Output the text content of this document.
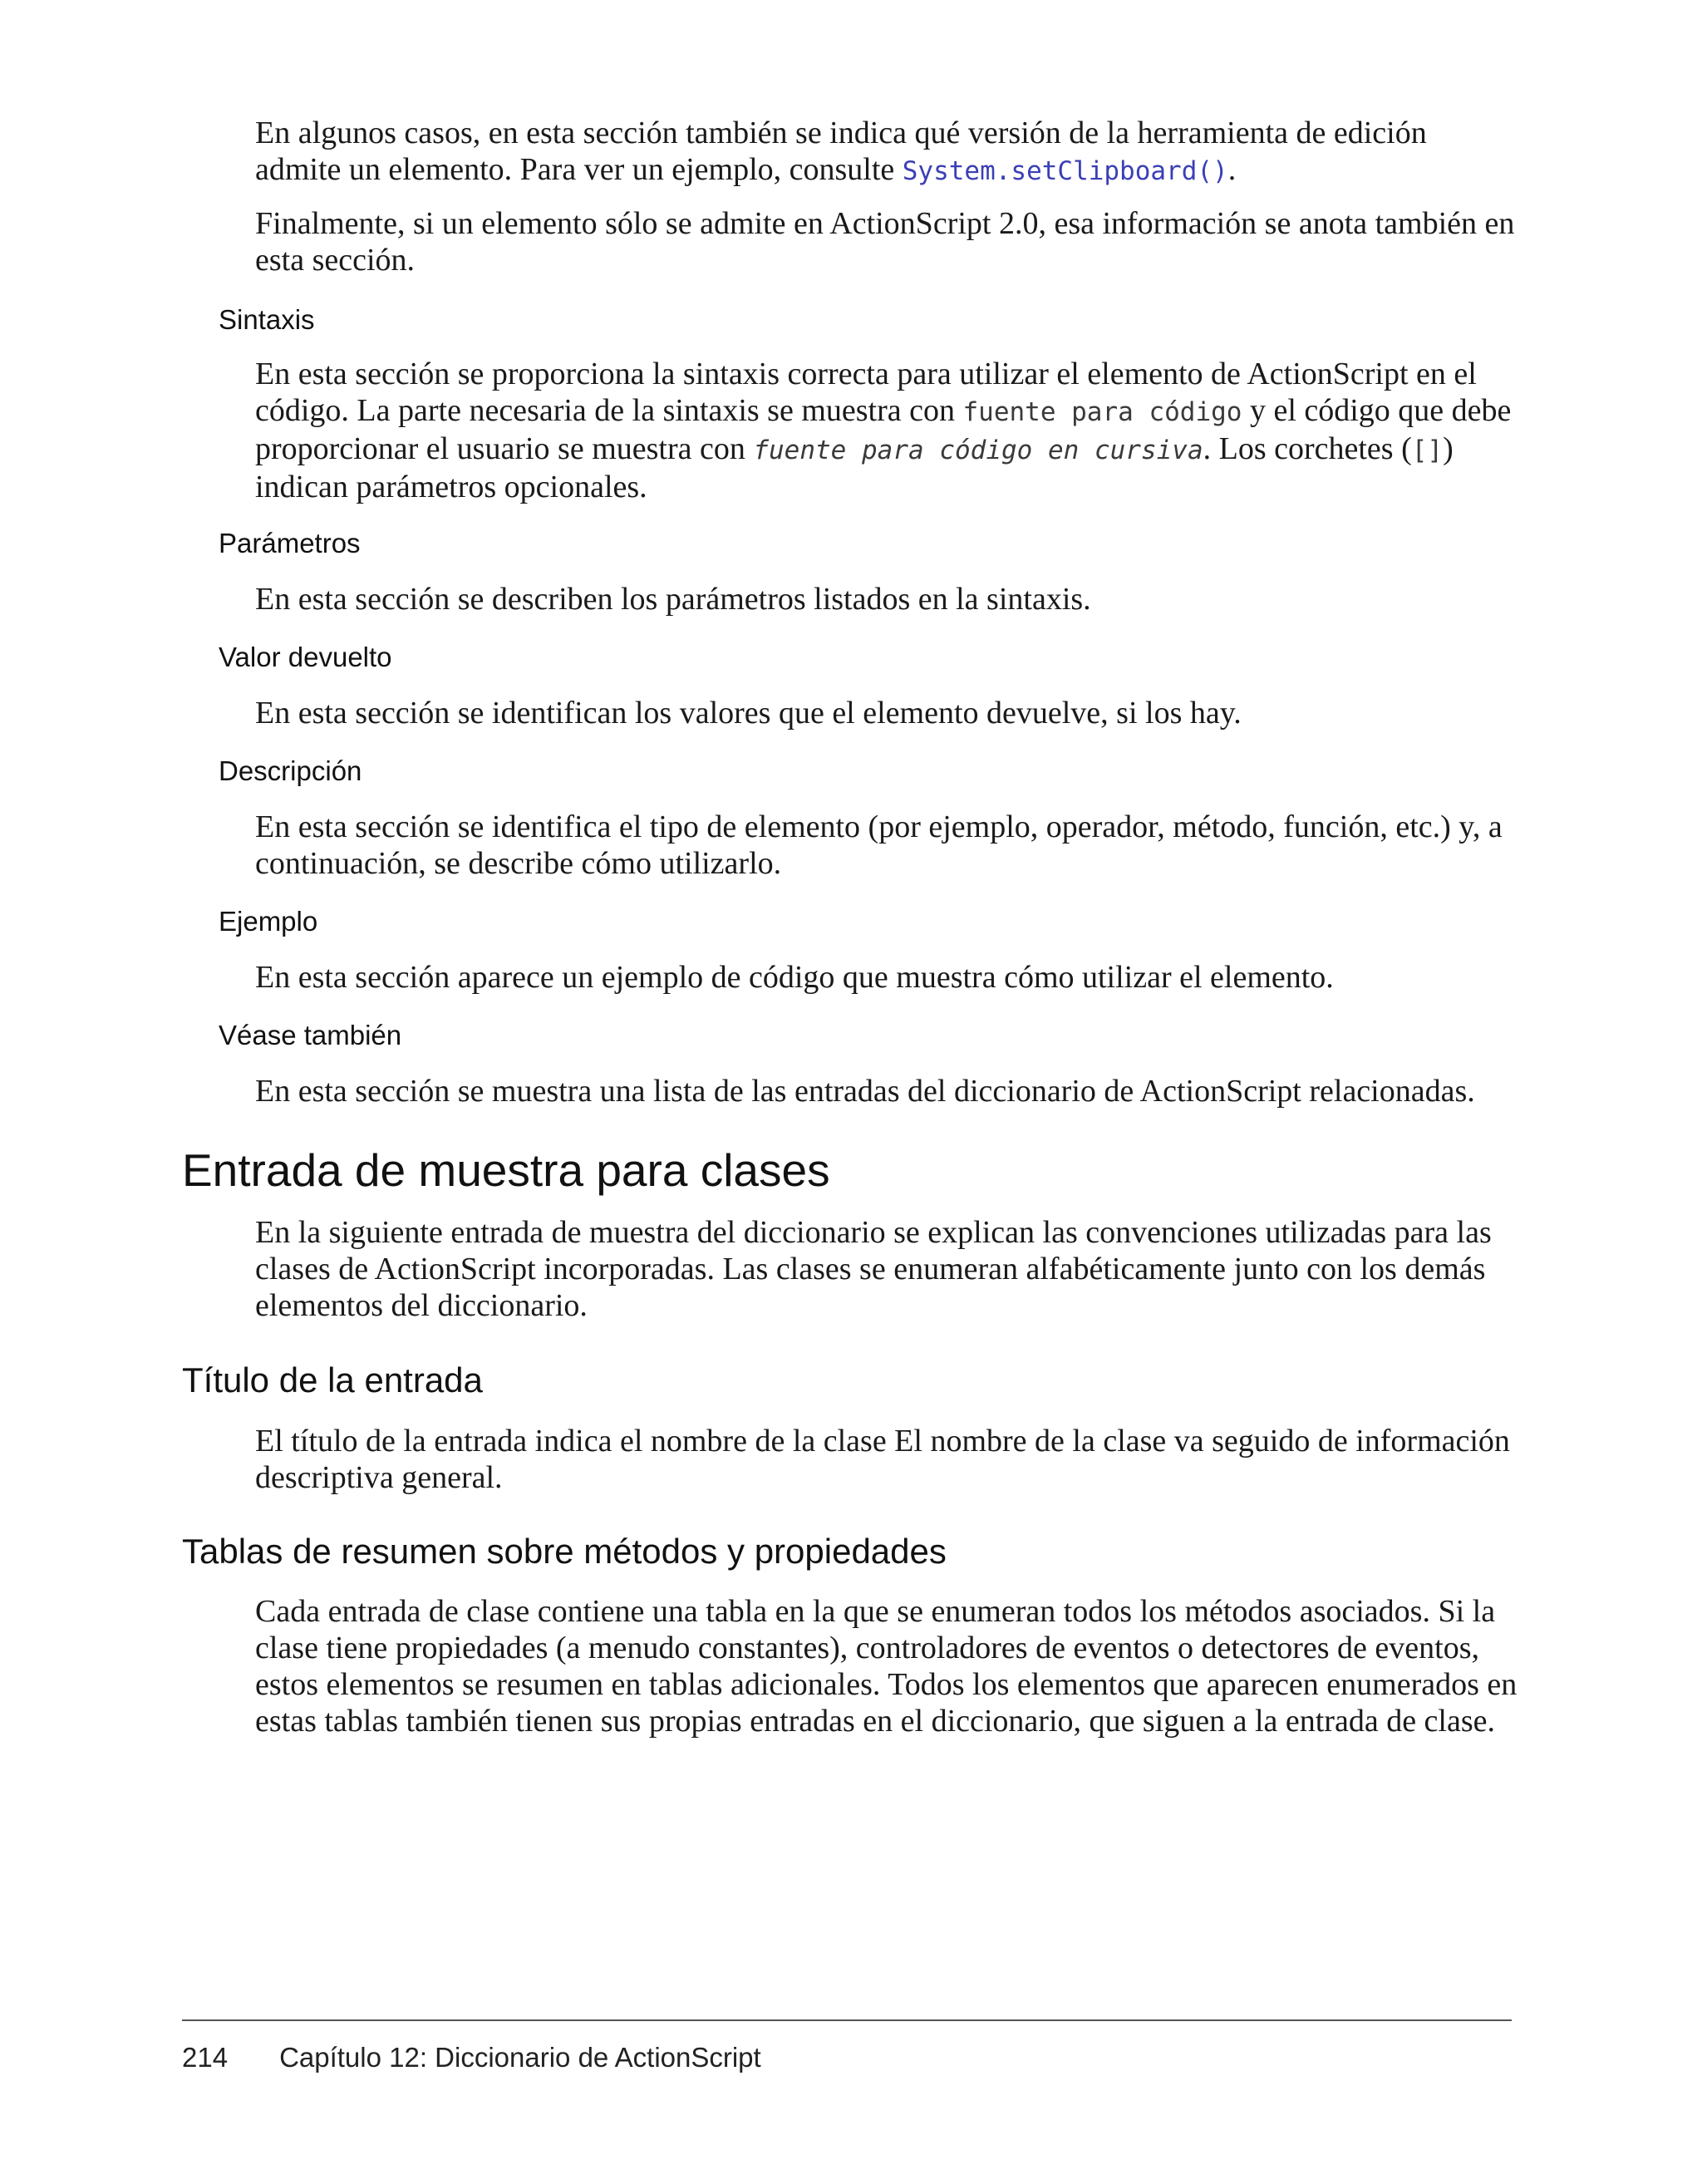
En algunos casos, en esta sección también se indica qué versión de la herramienta de edición admite un elemento. Para ver un ejemplo, consulte System.setClipboard().

Finalmente, si un elemento sólo se admite en ActionScript 2.0, esa información se anota también en esta sección.

Sintaxis

En esta sección se proporciona la sintaxis correcta para utilizar el elemento de ActionScript en el código. La parte necesaria de la sintaxis se muestra con fuente para código y el código que debe proporcionar el usuario se muestra con fuente para código en cursiva. Los corchetes ([]) indican parámetros opcionales.

Parámetros

En esta sección se describen los parámetros listados en la sintaxis.

Valor devuelto

En esta sección se identifican los valores que el elemento devuelve, si los hay.

Descripción

En esta sección se identifica el tipo de elemento (por ejemplo, operador, método, función, etc.) y, a continuación, se describe cómo utilizarlo.

Ejemplo

En esta sección aparece un ejemplo de código que muestra cómo utilizar el elemento.

Véase también

En esta sección se muestra una lista de las entradas del diccionario de ActionScript relacionadas.

Entrada de muestra para clases

En la siguiente entrada de muestra del diccionario se explican las convenciones utilizadas para las clases de ActionScript incorporadas. Las clases se enumeran alfabéticamente junto con los demás elementos del diccionario.

Título de la entrada

El título de la entrada indica el nombre de la clase El nombre de la clase va seguido de información descriptiva general.

Tablas de resumen sobre métodos y propiedades

Cada entrada de clase contiene una tabla en la que se enumeran todos los métodos asociados. Si la clase tiene propiedades (a menudo constantes), controladores de eventos o detectores de eventos, estos elementos se resumen en tablas adicionales. Todos los elementos que aparecen enumerados en estas tablas también tienen sus propias entradas en el diccionario, que siguen a la entrada de clase.

214 Capítulo 12: Diccionario de ActionScript
